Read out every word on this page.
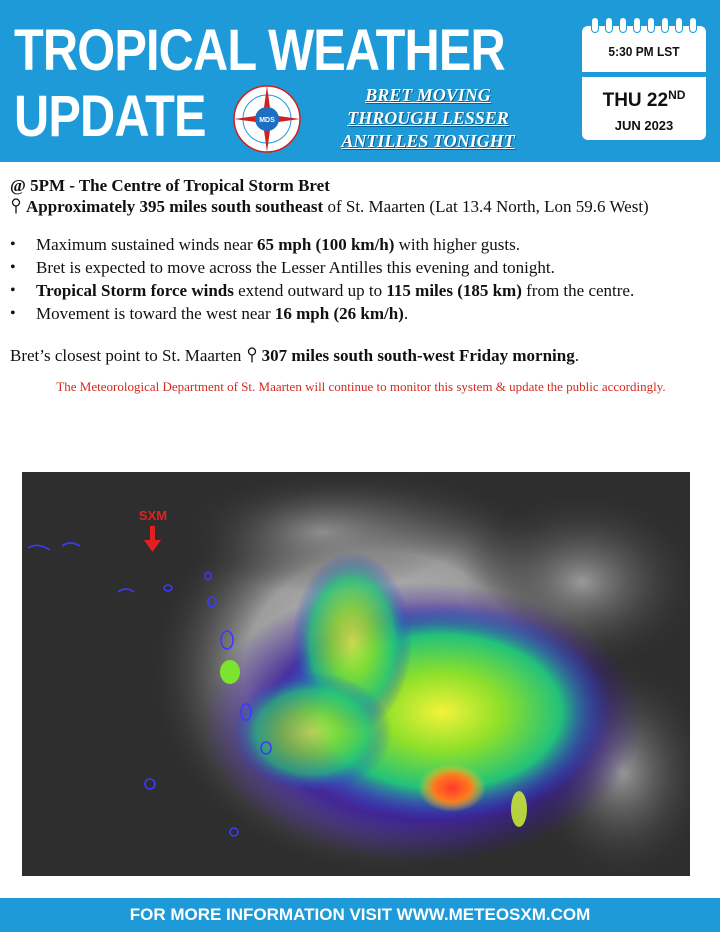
TROPICAL WEATHER
UPDATE	MDS
BRET MOVING
THROUGH LESSER
ANTILLES TONIGHT
5:30 PM LST
THU 22ND
JUN 2023
@ 5PM - The Centre of Tropical Storm Bret
Approximately 395 miles south southeast of St. Maarten (Lat 13.4 North, Lon 59.6 West)
• Maximum sustained winds near 65 mph (100 km/h) with higher gusts.
• Bret is expected to move across the Lesser Antilles this evening and tonight.
• Tropical Storm force winds extend outward up to 115 miles (185 km) from the centre.
• Movement is toward the west near 16 mph (26 km/h).
Bret’s closest point to St. Maarten 307 miles south south-west Friday morning.
The Meteorological Department of St. Maarten will continue to monitor this system & update the public accordingly.
SXM
FOR MORE INFORMATION VISIT WWW.METEOSXM.COM
